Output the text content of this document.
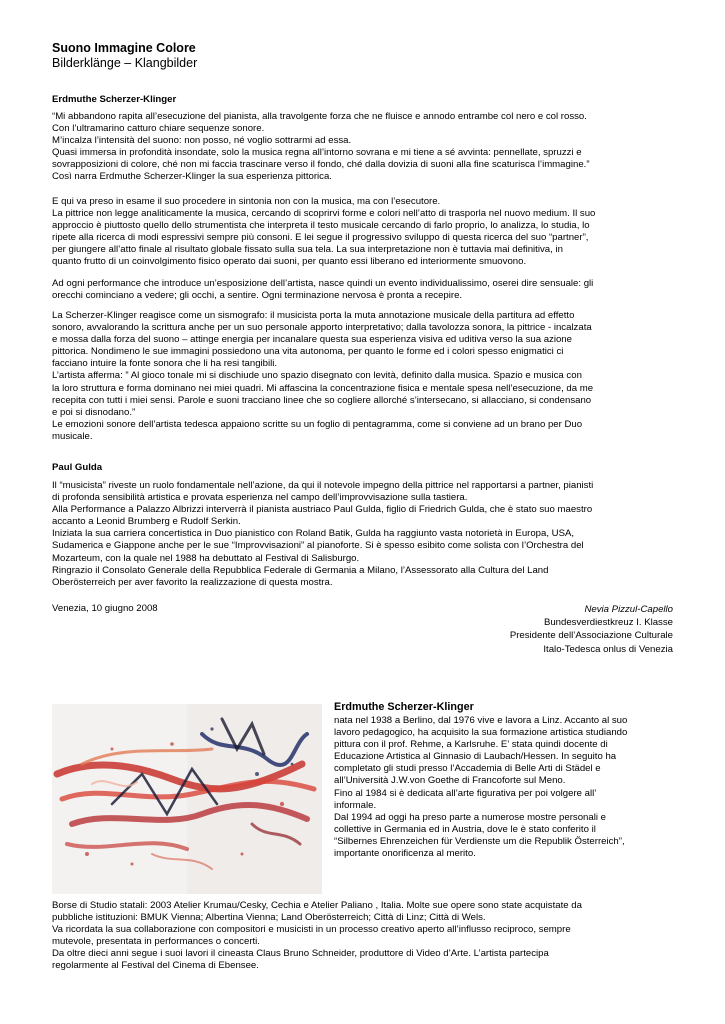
Suono Immagine Colore
Bilderklänge – Klangbilder
Erdmuthe Scherzer-Klinger
“Mi abbandono rapita all’esecuzione del pianista, alla travolgente forza che ne fluisce e annodo entrambe col nero e col rosso.
Con l’ultramarino catturo chiare sequenze sonore.
M’incalza l’intensità del suono: non posso, né voglio sottrarmi ad essa.
Quasi immersa in profondità insondate, solo la musica regna all’intorno sovrana e mi tiene a sé avvinta: pennellate, spruzzi e
sovrapposizioni di colore, ché non mi faccia trascinare verso il fondo, ché dalla dovizia di suoni alla fine scaturisca l’immagine.”
Così narra Erdmuthe Scherzer-Klinger la sua esperienza pittorica.
E qui va preso in esame il suo procedere in sintonia non con la musica, ma con l’esecutore.
La pittrice non legge analiticamente la musica, cercando di scoprirvi forme e colori nell’atto di trasporla nel nuovo medium. Il suo
approccio è piuttosto quello dello strumentista che interpreta il testo musicale cercando di farlo proprio, lo analizza, lo studia, lo
ripete alla ricerca di modi espressivi sempre più consoni. E lei segue il progressivo sviluppo di questa ricerca del suo “partner”,
per giungere all’atto finale al risultato globale fissato sulla sua tela. La sua interpretazione non è tuttavia mai definitiva, in
quanto frutto di un coinvolgimento fisico operato dai suoni, per quanto essi liberano ed interiormente smuovono.
Ad ogni performance che introduce un’esposizione dell’artista, nasce quindi un evento individualissimo, oserei dire sensuale: gli
orecchi cominciano a vedere; gli occhi, a sentire. Ogni terminazione nervosa è pronta a recepire.
La Scherzer-Klinger reagisce come un sismografo: il musicista porta la muta annotazione musicale della partitura ad effetto
sonoro, avvalorando la scrittura anche per un suo personale apporto interpretativo; dalla tavolozza sonora, la pittrice - incalzata
e mossa dalla forza del suono – attinge energia per incanalare questa sua esperienza visiva ed uditiva verso la sua azione
pittorica. Nondimeno le sue immagini possiedono una vita autonoma, per quanto le forme ed i colori spesso enigmatici ci
facciano intuire la fonte sonora che li ha resi tangibili.
L’artista afferma: ” Al gioco tonale mi si dischiude uno spazio disegnato con levità, definito dalla musica. Spazio e musica con
la loro struttura e forma dominano nei miei quadri. Mi affascina la concentrazione fisica e mentale spesa nell’esecuzione, da me
recepita con tutti i miei sensi. Parole e suoni tracciano linee che so cogliere allorché s’intersecano, si allacciano, si condensano
e poi si disnodano.”
Le emozioni sonore dell’artista tedesca appaiono scritte su un foglio di pentagramma, come si conviene ad un brano per Duo
musicale.
Paul Gulda
Il “musicista” riveste un ruolo fondamentale nell’azione, da qui il notevole impegno della pittrice nel rapportarsi a partner, pianisti
di profonda sensibilità artistica e provata esperienza nel campo dell’improvvisazione sulla tastiera.
Alla Performance a Palazzo Albrizzi interverrà il pianista austriaco Paul Gulda, figlio di Friedrich Gulda, che è stato suo maestro
accanto a Leonid Brumberg e Rudolf Serkin.
Iniziata la sua carriera concertistica in Duo pianistico con Roland Batik, Gulda ha raggiunto vasta notorietà in Europa, USA,
Sudamerica e Giappone anche per le sue “Improvvisazioni” al pianoforte. Si è spesso esibito come solista con l’Orchestra del
Mozarteum, con la quale nel 1988 ha debuttato al Festival di Salisburgo.
Ringrazio il Consolato Generale della Repubblica Federale di Germania a Milano, l’Assessorato alla Cultura del Land
Oberösterreich per aver favorito la realizzazione di questa mostra.
Venezia, 10 giugno 2008	Nevia Pizzul-Capello
Bundesverdiestkreuz I. Klasse
Presidente dell’Associazione Culturale
Italo-Tedesca onlus di Venezia
Erdmuthe Scherzer-Klinger
nata nel 1938 a Berlino, dal 1976 vive e lavora a Linz. Accanto al suo
lavoro pedagogico, ha acquisito la sua formazione artistica studiando
pittura con il prof. Rehme, a Karlsruhe. E’ stata quindi docente di
Educazione Artistica al Ginnasio di Laubach/Hessen. In seguito ha
completato gli studi presso l’Accademia di Belle Arti di Städel e
all’Università J.W.von Goethe di Francoforte sul Meno.
Fino al 1984 si è dedicata all’arte figurativa per poi volgere all’
informale.
Dal 1994 ad oggi ha preso parte a numerose mostre personali e
collettive in Germania ed in Austria, dove le è stato conferito il
“Silbernes Ehrenzeichen für Verdienste um die Republik Österreich”,
importante onorificenza al merito.
Borse di Studio statali: 2003 Atelier Krumau/Cesky, Cechia e Atelier Paliano , Italia. Molte sue opere sono state acquistate da
pubbliche istituzioni: BMUK Vienna; Albertina Vienna; Land Oberösterreich; Città di Linz; Città di Wels.
Va ricordata la sua collaborazione con compositori e musicisti in un processo creativo aperto all’influsso reciproco, sempre
mutevole, presentata in performances o concerti.
Da oltre dieci anni segue i suoi lavori il cineasta Claus Bruno Schneider, produttore di Video d’Arte. L’artista partecipa
regolarmente al Festival del Cinema di Ebensee.
